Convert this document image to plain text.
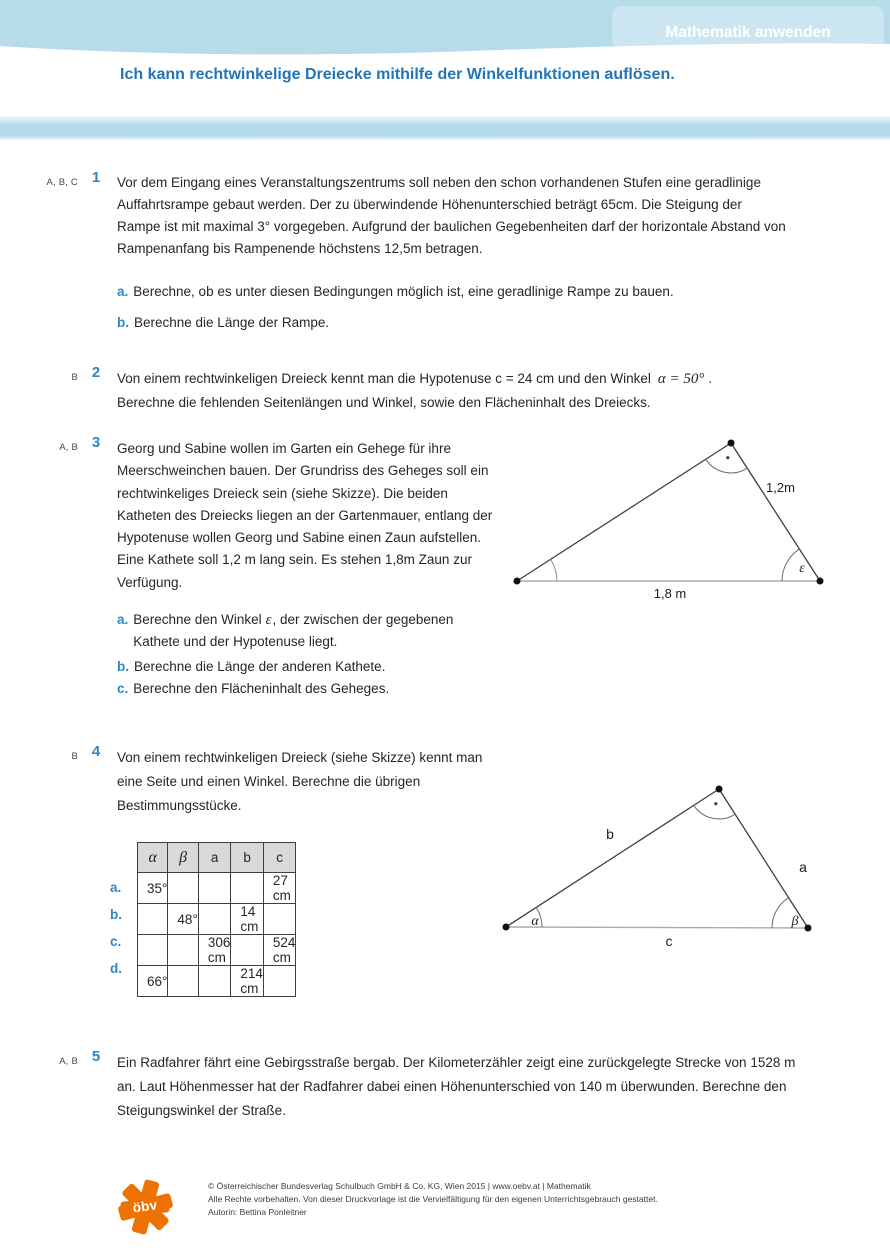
Mathematik anwenden
Ich kann rechtwinkelige Dreiecke mithilfe der Winkelfunktionen auflösen.
A, B, C 1	Vor dem Eingang eines Veranstaltungszentrums soll neben den schon vorhandenen Stufen eine geradlinige Auffahrtsrampe gebaut werden. Der zu überwindende Höhenunterschied beträgt 65cm. Die Steigung der Rampe ist mit maximal 3° vorgegeben. Aufgrund der baulichen Gegebenheiten darf der horizontale Abstand von Rampenanfang bis Rampenende höchstens 12,5m betragen.
a. Berechne, ob es unter diesen Bedingungen möglich ist, eine geradlinige Rampe zu bauen.
b. Berechne die Länge der Rampe.
B 2	Von einem rechtwinkeligen Dreieck kennt man die Hypotenuse c = 24 cm und den Winkel α = 50° .
Berechne die fehlenden Seitenlängen und Winkel, sowie den Flächeninhalt des Dreiecks.
A, B 3	Georg und Sabine wollen im Garten ein Gehege für ihre Meerschweinchen bauen. Der Grundriss des Geheges soll ein rechtwinkeliges Dreieck sein (siehe Skizze). Die beiden Katheten des Dreiecks liegen an der Gartenmauer, entlang der Hypotenuse wollen Georg und Sabine einen Zaun aufstellen. Eine Kathete soll 1,2 m lang sein. Es stehen 1,8m Zaun zur Verfügung.
a. Berechne den Winkel ε, der zwischen der gegebenen Kathete und der Hypotenuse liegt.
b. Berechne die Länge der anderen Kathete.
c. Berechne den Flächeninhalt des Geheges.
1,2m
1,8 m
ε
B 4	Von einem rechtwinkeligen Dreieck (siehe Skizze) kennt man eine Seite und einen Winkel. Berechne die übrigen Bestimmungsstücke.
a.
b.
c.
d.
α	β	a	b	c
35°				27 cm
	48°		14 cm	
		306 cm		524 cm
66°			214 cm	
b
a
c
α	β
A, B 5	Ein Radfahrer fährt eine Gebirgsstraße bergab. Der Kilometerzähler zeigt eine zurückgelegte Strecke von 1528 m an. Laut Höhenmesser hat der Radfahrer dabei einen Höhenunterschied von 140 m überwunden. Berechne den Steigungswinkel der Straße.
öbv
© Österreichischer Bundesverlag Schulbuch GmbH & Co. KG, Wien 2015 | www.oebv.at | Mathematik
Alle Rechte vorbehalten. Von dieser Druckvorlage ist die Vervielfältigung für den eigenen Unterrichtsgebrauch gestattet.
Autorin: Bettina Ponleitner
